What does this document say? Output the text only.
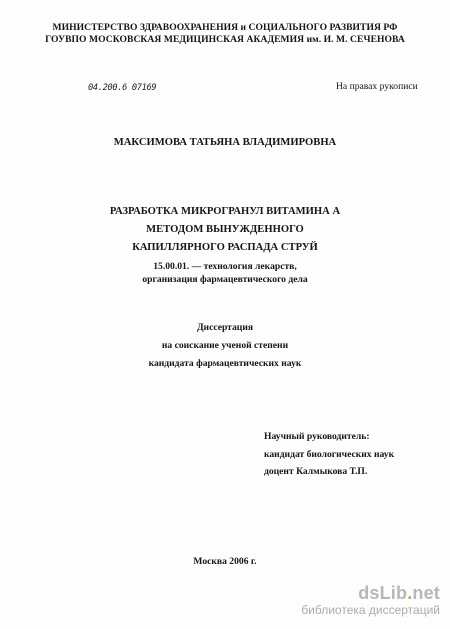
МИНИСТЕРСТВО ЗДРАВООХРАНЕНИЯ и СОЦИАЛЬНОГО РАЗВИТИЯ РФ

ГОУВПО МОСКОВСКАЯ МЕДИЦИНСКАЯ АКАДЕМИЯ им. И. М. СЕЧЕНОВА

04.200.6 07169	На правах рукописи

МАКСИМОВА ТАТЬЯНА ВЛАДИМИРОВНА

РАЗРАБОТКА МИКРОГРАНУЛ ВИТАМИНА А

МЕТОДОМ ВЫНУЖДЕННОГО

КАПИЛЛЯРНОГО РАСПАДА СТРУЙ

15.00.01. — технология лекарств,

организация фармацевтического дела

Диссертация

на соискание ученой степени

кандидата фармацевтических наук

Научный руководитель:

кандидат биологических наук

доцент Калмыкова Т.П.

Москва 2006 г.

dsLib.net
библиотека диссертаций
